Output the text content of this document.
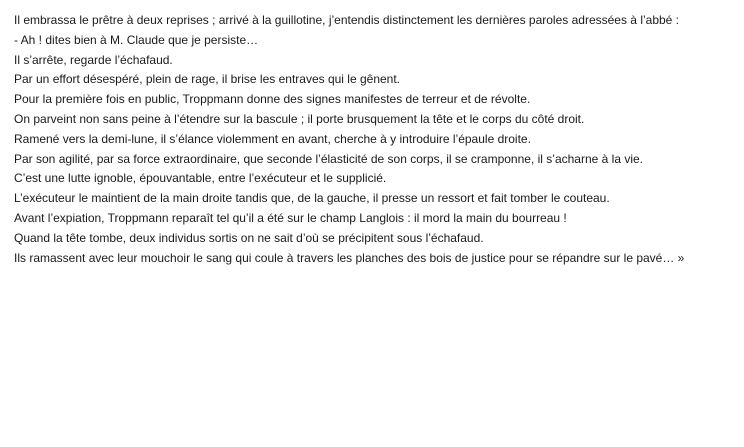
Il embrassa le prêtre à deux reprises ; arrivé à la guillotine, j’entendis distinctement les dernières paroles adressées à l’abbé :

- Ah ! dites bien à M. Claude que je persiste…

Il s’arrête, regarde l’échafaud.

Par un effort désespéré, plein de rage, il brise les entraves qui le gênent.

Pour la première fois en public, Troppmann donne des signes manifestes de terreur et de révolte.

On parveint non sans peine à l’étendre sur la bascule ; il porte brusquement la tête et le corps du côté droit.

Ramené vers la demi-lune, il s’élance violemment en avant, cherche à y introduire l’épaule droite.

Par son agilité, par sa force extraordinaire, que seconde l’élasticité de son corps, il se cramponne, il s’acharne à la vie.

C’est une lutte ignoble, épouvantable, entre l’exécuteur et le supplicié.

L’exécuteur le maintient de la main droite tandis que, de la gauche, il presse un ressort et fait tomber le couteau.

Avant l’expiation, Troppmann reparaît tel qu’il a été sur le champ Langlois : il mord la main du bourreau !

Quand la tête tombe, deux individus sortis on ne sait d’où se précipitent sous l’échafaud.

Ils ramassent avec leur mouchoir le sang qui coule à travers les planches des bois de justice pour se répandre sur le pavé… »
